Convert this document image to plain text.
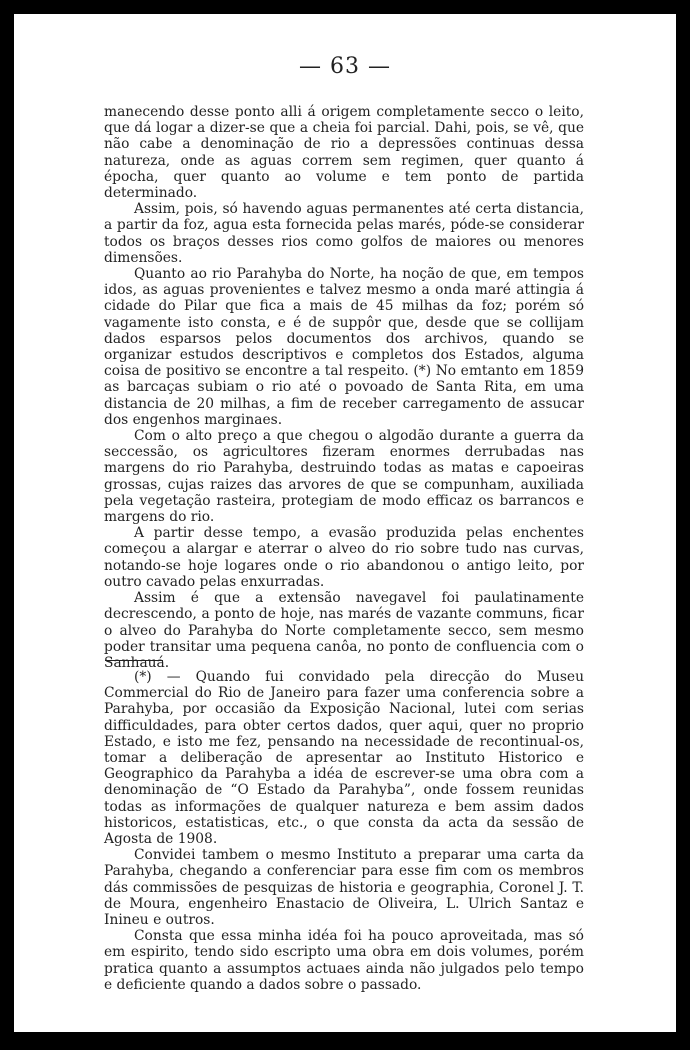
— 63 —

manecendo desse ponto alli á origem completamente secco o leito, que dá logar a dizer-se que a cheia foi parcial. Dahi, pois, se vê, que não cabe a denominação de rio a depressões continuas dessa natureza, onde as aguas correm sem regimen, quer quanto á épocha, quer quanto ao volume e tem ponto de partida determinado.

Assim, pois, só havendo aguas permanentes até certa distancia, a partir da foz, agua esta fornecida pelas marés, póde-se considerar todos os braços desses rios como golfos de maiores ou menores dimensões.

Quanto ao rio Parahyba do Norte, ha noção de que, em tempos idos, as aguas provenientes e talvez mesmo a onda maré attingia á cidade do Pilar que fica a mais de 45 milhas da foz; porém só vagamente isto consta, e é de suppôr que, desde que se collijam dados esparsos pelos documentos dos archivos, quando se organizar estudos descriptivos e completos dos Estados, alguma coisa de positivo se encontre a tal respeito. (*) No emtanto em 1859 as barcaças subiam o rio até o povoado de Santa Rita, em uma distancia de 20 milhas, a fim de receber carregamento de assucar dos engenhos marginaes.

Com o alto preço a que chegou o algodão durante a guerra da seccessão, os agricultores fizeram enormes derrubadas nas margens do rio Parahyba, destruindo todas as matas e capoeiras grossas, cujas raizes das arvores de que se compunham, auxiliada pela vegetação rasteira, protegiam de modo efficaz os barrancos e margens do rio.

A partir desse tempo, a evasão produzida pelas enchentes começou a alargar e aterrar o alveo do rio sobre tudo nas curvas, notando-se hoje logares onde o rio abandonou o antigo leito, por outro cavado pelas enxurradas.

Assim é que a extensão navegavel foi paulatinamente decrescendo, a ponto de hoje, nas marés de vazante communs, ficar o alveo do Parahyba do Norte completamente secco, sem mesmo poder transitar uma pequena canôa, no ponto de confluencia com o Sanhauá.

(*) — Quando fui convidado pela direcção do Museu Commercial do Rio de Janeiro para fazer uma conferencia sobre a Parahyba, por occasião da Exposição Nacional, lutei com serias difficuldades, para obter certos dados, quer aqui, quer no proprio Estado, e isto me fez, pensando na necessidade de recontinual-os, tomar a deliberação de apresentar ao Instituto Historico e Geographico da Parahyba a idéa de escrever-se uma obra com a denominação de “O Estado da Parahyba”, onde fossem reunidas todas as informações de qualquer natureza e bem assim dados historicos, estatisticas, etc., o que consta da acta da sessão de Agosta de 1908.

Convidei tambem o mesmo Instituto a preparar uma carta da Parahyba, chegando a conferenciar para esse fim com os membros dás commissões de pesquizas de historia e geographia, Coronel J. T. de Moura, engenheiro Enastacio de Oliveira, L. Ulrich Santaz e Inineu e outros.

Consta que essa minha idéa foi ha pouco aproveitada, mas só em espirito, tendo sido escripto uma obra em dois volumes, porém pratica quanto a assumptos actuaes ainda não julgados pelo tempo e deficiente quando a dados sobre o passado.
